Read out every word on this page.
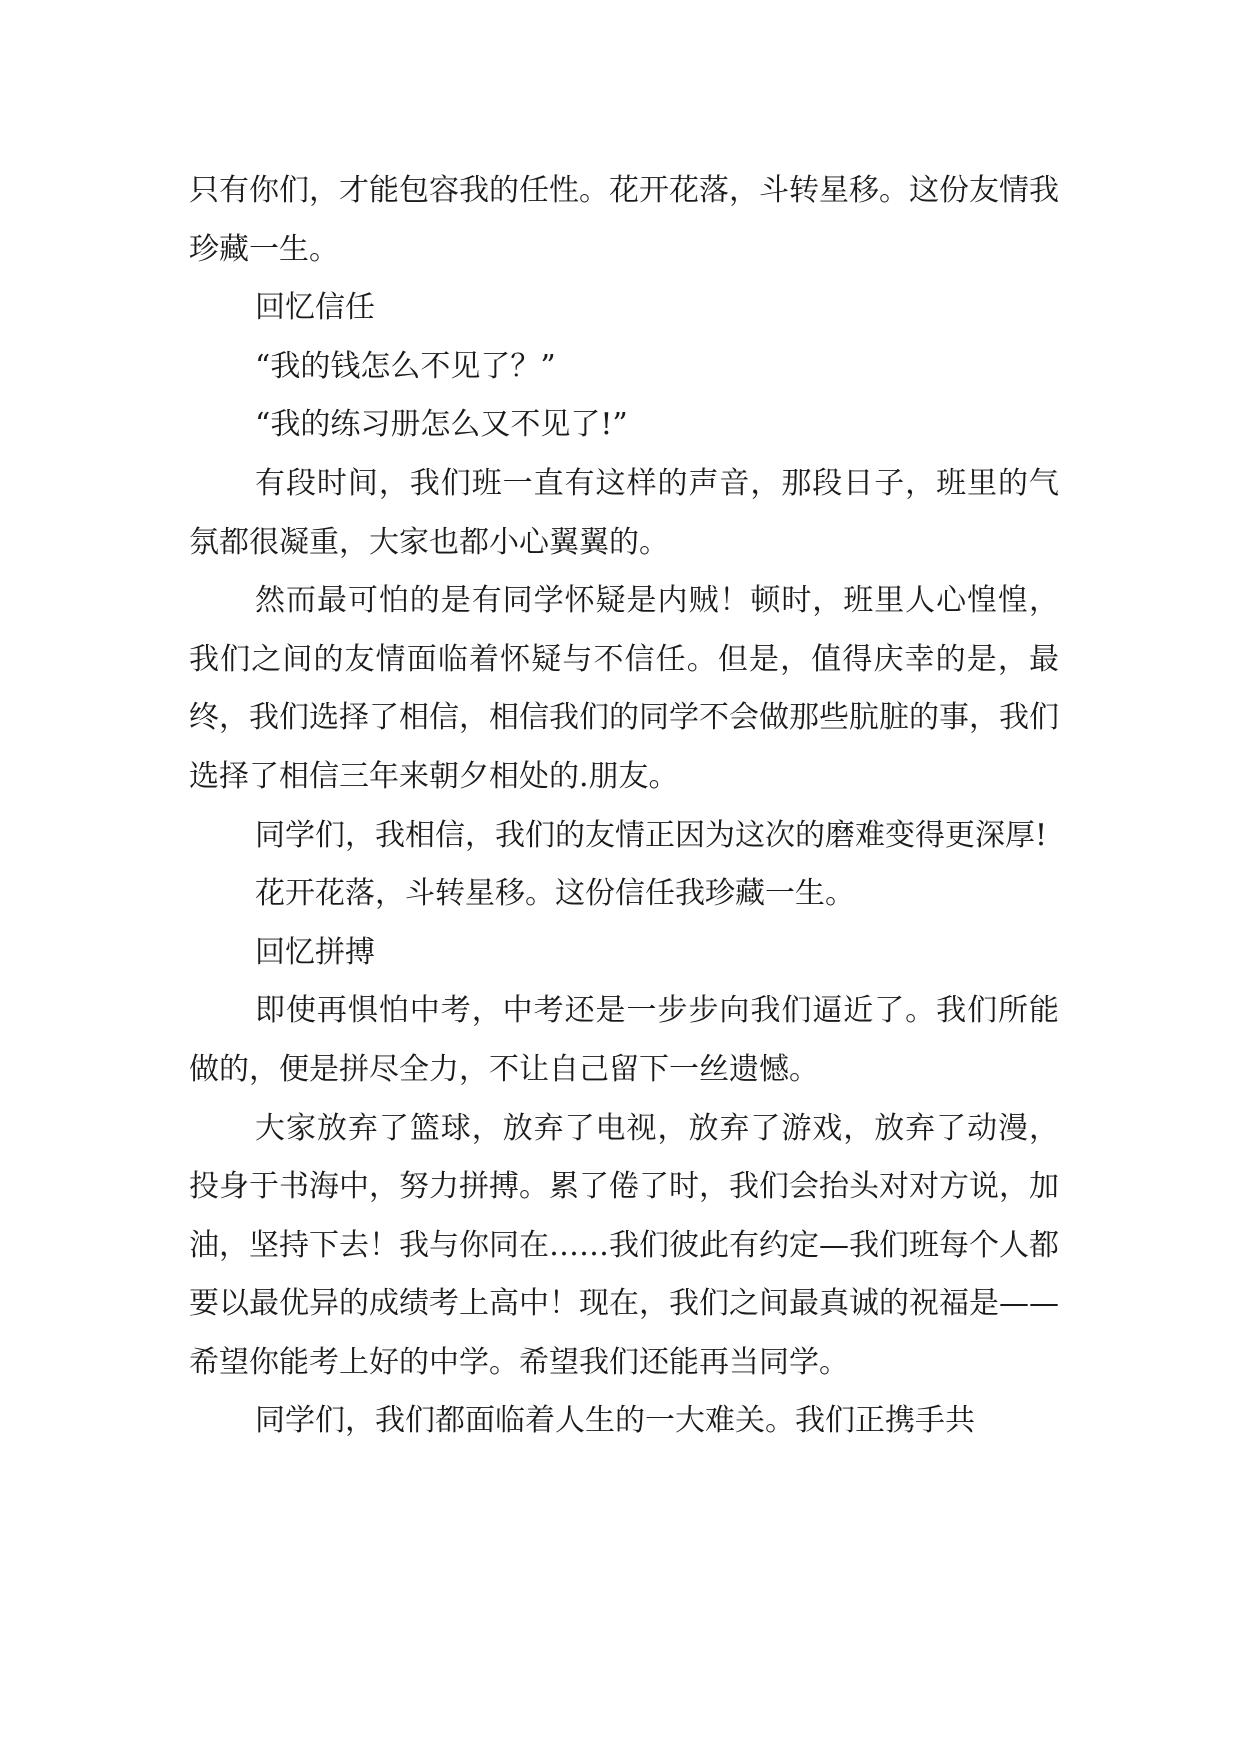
只有你们，才能包容我的任性。花开花落，斗转星移。这份友情我珍藏一生。

回忆信任

“我的钱怎么不见了？”

“我的练习册怎么又不见了!”

有段时间，我们班一直有这样的声音，那段日子，班里的气氛都很凝重，大家也都小心翼翼的。

然而最可怕的是有同学怀疑是内贼！顿时，班里人心惶惶，我们之间的友情面临着怀疑与不信任。但是，值得庆幸的是，最终，我们选择了相信，相信我们的同学不会做那些肮脏的事，我们选择了相信三年来朝夕相处的.朋友。

同学们，我相信，我们的友情正因为这次的磨难变得更深厚!

花开花落，斗转星移。这份信任我珍藏一生。

回忆拼搏

即使再惧怕中考，中考还是一步步向我们逼近了。我们所能做的，便是拼尽全力，不让自己留下一丝遗憾。

大家放弃了篮球，放弃了电视，放弃了游戏，放弃了动漫，投身于书海中，努力拼搏。累了倦了时，我们会抬头对对方说，加油，坚持下去！我与你同在……我们彼此有约定—我们班每个人都要以最优异的成绩考上高中！现在，我们之间最真诚的祝福是——希望你能考上好的中学。希望我们还能再当同学。

同学们，我们都面临着人生的一大难关。我们正携手共
